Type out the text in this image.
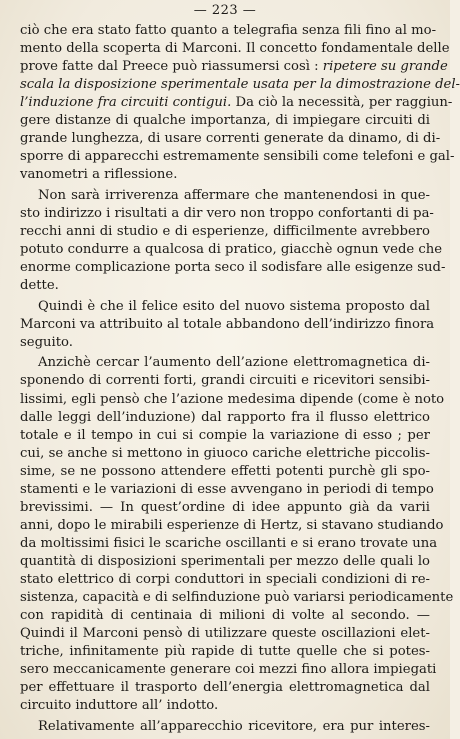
— 223 —
ciò che era stato fatto quanto a telegrafia senza fili fino al mo-
mento della scoperta di Marconi. Il concetto fondamentale delle
prove fatte dal Preece può riassumersi così : ripetere su grande
scala la disposizione sperimentale usata per la dimostrazione del-
l’induzione fra circuiti contigui. Da ciò la necessità, per raggiun-
gere distanze di qualche importanza, di impiegare circuiti di
grande lunghezza, di usare correnti generate da dinamo, di di-
sporre di apparecchi estremamente sensibili come telefoni e gal-
vanometri a riflessione.
Non sarà irriverenza affermare che mantenendosi in que-
sto indirizzo i risultati a dir vero non troppo confortanti di pa-
recchi anni di studio e di esperienze, difficilmente avrebbero
potuto condurre a qualcosa di pratico, giacchè ognun vede che
enorme complicazione porta seco il sodisfare alle esigenze sud-
dette.
Quindi è che il felice esito del nuovo sistema proposto dal
Marconi va attribuito al totale abbandono dell’indirizzo finora
seguito.
Anzichè cercar l’aumento dell’azione elettromagnetica di-
sponendo di correnti forti, grandi circuiti e ricevitori sensibi-
lissimi, egli pensò che l’azione medesima dipende (come è noto
dalle leggi dell’induzione) dal rapporto fra il flusso elettrico
totale e il tempo in cui si compie la variazione di esso ; per
cui, se anche si mettono in giuoco cariche elettriche piccolis-
sime, se ne possono attendere effetti potenti purchè gli spo-
stamenti e le variazioni di esse avvengano in periodi di tempo
brevissimi. — In quest’ordine di idee appunto già da varii
anni, dopo le mirabili esperienze di Hertz, si stavano studiando
da moltissimi fisici le scariche oscillanti e si erano trovate una
quantità di disposizioni sperimentali per mezzo delle quali lo
stato elettrico di corpi conduttori in speciali condizioni di re-
sistenza, capacità e di selfinduzione può variarsi periodicamente
con rapidità di centinaia di milioni di volte al secondo. —
Quindi il Marconi pensò di utilizzare queste oscillazioni elet-
triche, infinitamente più rapide di tutte quelle che si potes-
sero meccanicamente generare coi mezzi fino allora impiegati
per effettuare il trasporto dell’energia elettromagnetica dal
circuito induttore all’ indotto.
Relativamente all’apparecchio ricevitore, era pur interes-
